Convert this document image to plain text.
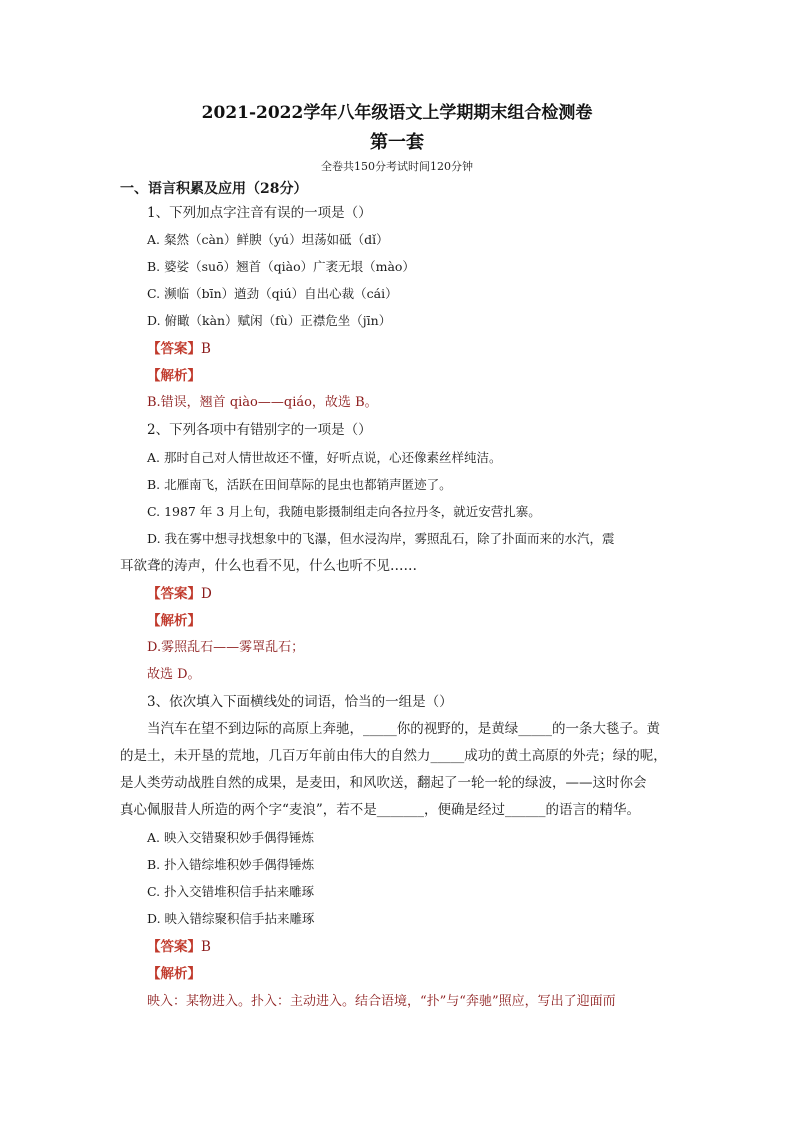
2021-2022学年八年级语文上学期期末组合检测卷
第一套
全卷共150分考试时间120分钟
一、语言积累及应用（28分）
1、下列加点字注音有误的一项是（）
A. 粲然（càn）鲜腴（yú）坦荡如砥（dǐ）
B. 婆娑（suō）翘首（qiào）广袤无垠（mào）
C. 濒临（bīn）遒劲（qiú）自出心裁（cái）
D. 俯瞰（kàn）赋闲（fù）正襟危坐（jīn）
【答案】B
【解析】
B.错误，翘首 qiào——qiáo，故选 B。
2、下列各项中有错别字的一项是（）
A. 那时自己对人情世故还不懂，好听点说，心还像素丝样纯洁。
B. 北雁南飞，活跃在田间草际的昆虫也都销声匿迹了。
C. 1987 年 3 月上旬，我随电影摄制组走向各拉丹冬，就近安营扎寨。
D. 我在雾中想寻找想象中的飞瀑，但水浸沟岸，雾照乱石，除了扑面而来的水汽，震
耳欲聋的涛声，什么也看不见，什么也听不见……
【答案】D
【解析】
D.雾照乱石——雾罩乱石；
故选 D。
3、依次填入下面横线处的词语，恰当的一组是（）
当汽车在望不到边际的高原上奔驰，_____你的视野的，是黄绿_____的一条大毯子。黄
的是土，未开垦的荒地，几百万年前由伟大的自然力_____成功的黄土高原的外壳；绿的呢，
是人类劳动战胜自然的成果，是麦田，和风吹送，翻起了一轮一轮的绿波，——这时你会
真心佩服昔人所造的两个字“麦浪”，若不是_______，便确是经过______的语言的精华。
A. 映入交错聚积妙手偶得锤炼
B. 扑入错综堆积妙手偶得锤炼
C. 扑入交错堆积信手拈来雕琢
D. 映入错综聚积信手拈来雕琢
【答案】B
【解析】
映入：某物进入。扑入：主动进入。结合语境，“扑”与“奔驰”照应，写出了迎面而
